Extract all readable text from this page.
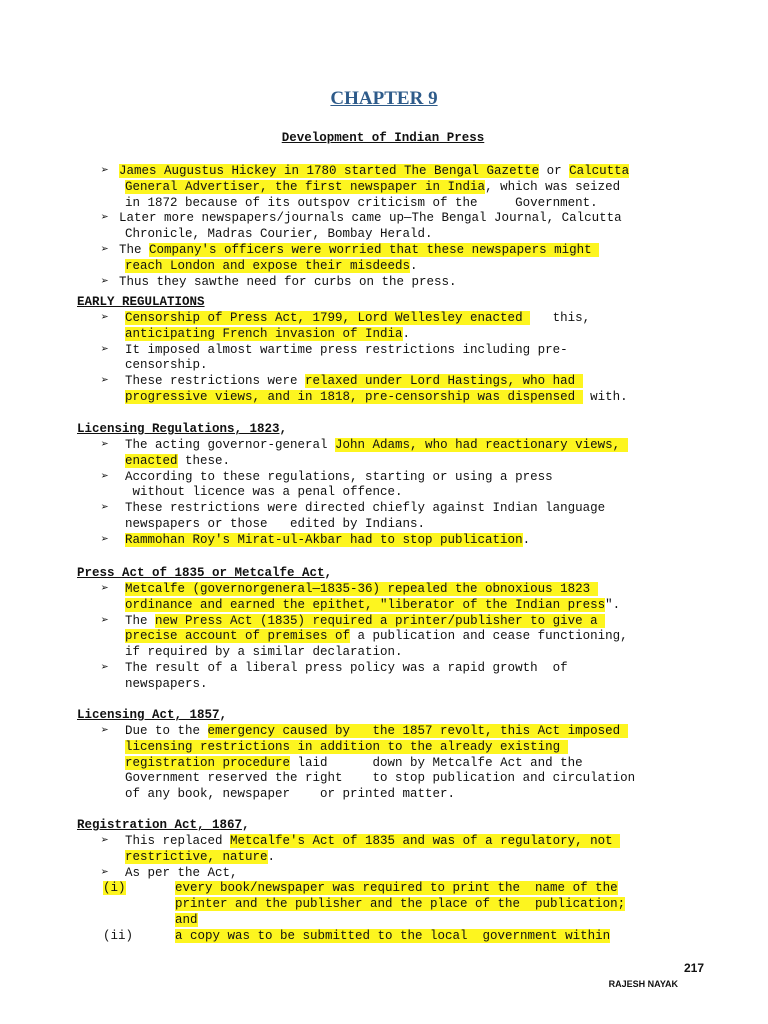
CHAPTER 9
Development of Indian Press
➢ James Augustus Hickey in 1780 started The Bengal Gazette or Calcutta
General Advertiser, the first newspaper in India, which was seized
in 1872 because of its outspov criticism of the     Government.
➢ Later more newspapers/journals came up—The Bengal Journal, Calcutta
Chronicle, Madras Courier, Bombay Herald.
➢ The Company's officers were worried that these newspapers might
reach London and expose their misdeeds.
➢ Thus they sawthe need for curbs on the press.
EARLY REGULATIONS
➢ Censorship of Press Act, 1799, Lord Wellesley enacted    this,
anticipating French invasion of India.
➢ It imposed almost wartime press restrictions including pre-
censorship.
➢ These restrictions were relaxed under Lord Hastings, who had
progressive views, and in 1818, pre-censorship was dispensed  with.
Licensing Regulations, 1823,
➢ The acting governor-general John Adams, who had reactionary views,
enacted these.
➢ According to these regulations, starting or using a press
without licence was a penal offence.
➢ These restrictions were directed chiefly against Indian language
newspapers or those   edited by Indians.
➢ Rammohan Roy's Mirat-ul-Akbar had to stop publication.
Press Act of 1835 or Metcalfe Act,
➢ Metcalfe (governorgeneral—1835-36) repealed the obnoxious 1823
ordinance and earned the epithet, "liberator of the Indian press".
➢ The new Press Act (1835) required a printer/publisher to give a
precise account of premises of a publication and cease functioning,
if required by a similar declaration.
➢ The result of a liberal press policy was a rapid growth  of
newspapers.
Licensing Act, 1857,
➢ Due to the emergency caused by   the 1857 revolt, this Act imposed
licensing restrictions in addition to the already existing
registration procedure laid      down by Metcalfe Act and the
Government reserved the right    to stop publication and circulation
of any book, newspaper    or printed matter.
Registration Act, 1867,
➢ This replaced Metcalfe's Act of 1835 and was of a regulatory, not
restrictive, nature.
➢ As per the Act,
(i)	every book/newspaper was required to print the  name of the
printer and the publisher and the place of the  publication;
and
(ii)	a copy was to be submitted to the local  government within
217
RAJESH NAYAK
